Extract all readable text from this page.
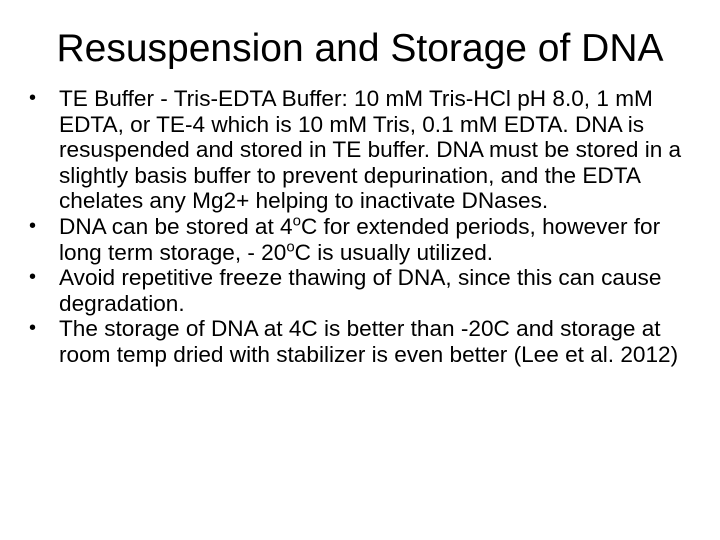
Resuspension and Storage of DNA
•	TE Buffer - Tris-EDTA Buffer: 10 mM Tris-HCl pH 8.0, 1 mM EDTA, or TE-4 which is 10 mM Tris, 0.1 mM EDTA. DNA is resuspended and stored in TE buffer. DNA must be stored in a slightly basis buffer to prevent depurination, and the EDTA chelates any Mg2+ helping to inactivate DNases.
•	DNA can be stored at 4$^o$C for extended periods, however for long term storage, - 20$^o$C is usually utilized.
•	Avoid repetitive freeze thawing of DNA, since this can cause degradation.
•	The storage of DNA at 4C is better than -20C and storage at room temp dried with stabilizer is even better (Lee et al. 2012)
